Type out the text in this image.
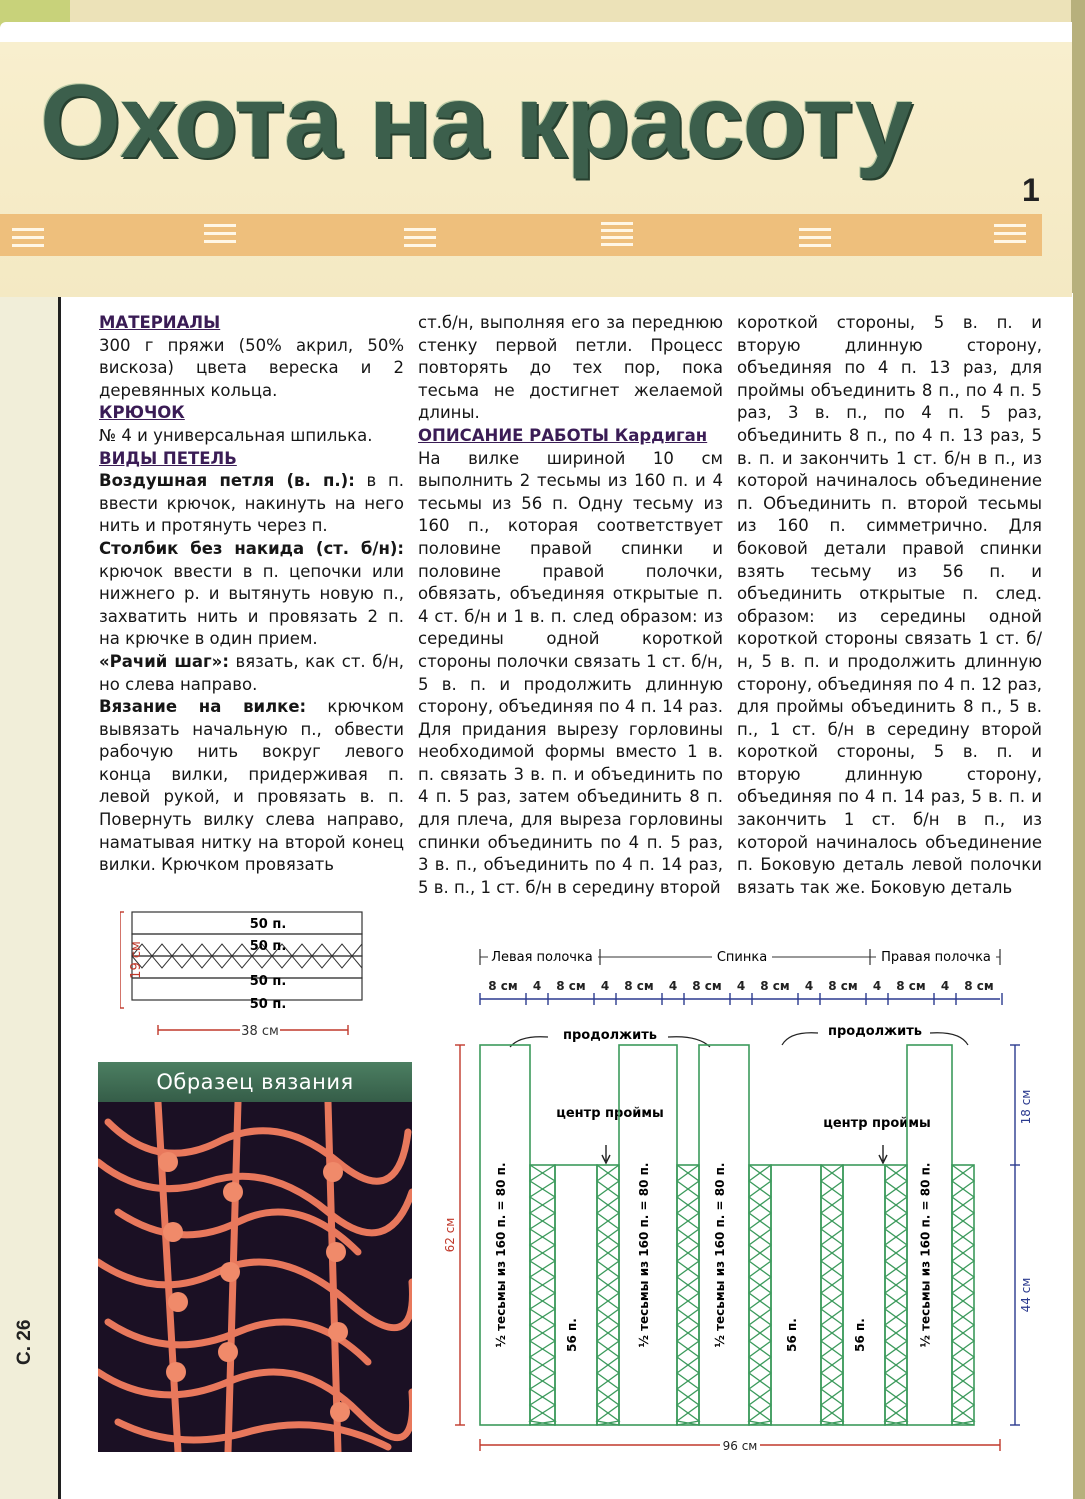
Охота на красоту
1

МАТЕРИАЛЫ

300 г пряжи (50% акрил, 50% вискоза) цвета вереска и 2 деревянных кольца.

КРЮЧОК

№ 4 и универсальная шпилька.

ВИДЫ ПЕТЕЛЬ

Воздушная петля (в. п.): в п. ввести крючок, накинуть на него нить и протянуть через п.

Столбик без накида (ст. б/н): крючок ввести в п. цепочки или нижнего р. и вытянуть новую п., захватить нить и провязать 2 п. на крючке в один прием.

«Рачий шаг»: вязать, как ст. б/н, но слева направо.

Вязание на вилке: крючком вывязать начальную п., обвести рабочую нить вокруг левого конца вилки, придерживая п. левой рукой, и провязать в. п. Повернуть вилку слева направо, наматывая нитку на второй конец вилки. Крючком провязать

ст.б/н, выполняя его за переднюю стенку первой петли. Процесс повторять до тех пор, пока тесьма не достигнет желаемой длины.

ОПИСАНИЕ РАБОТЫ Кардиган

На вилке шириной 10 см выполнить 2 тесьмы из 160 п. и 4 тесьмы из 56 п. Одну тесьму из 160 п., которая соответствует половине правой спинки и половине правой полочки, обвязать, объединяя открытые п. 4 ст. б/н и 1 в. п. след образом: из середины одной короткой стороны полочки связать 1 ст. б/н, 5 в. п. и продолжить длинную сторону, объединяя по 4 п. 14 раз. Для придания вырезу горловины необходимой формы вместо 1 в. п. связать 3 в. п. и объединить по 4 п. 5 раз, затем объединить 8 п. для плеча, для выреза горловины спинки объединить по 4 п. 5 раз, 3 в. п., объединить по 4 п. 14 раз, 5 в. п., 1 ст. б/н в середину второй

короткой стороны, 5 в. п. и вторую длинную сторону, объединяя по 4 п. 13 раз, для проймы объединить 8 п., по 4 п. 5 раз, 3 в. п., по 4 п. 5 раз, объединить 8 п., по 4 п. 13 раз, 5 в. п. и закончить 1 ст. б/н в п., из которой начиналось объединение п. Объединить п. второй тесьмы из 160 п. симметрично. Для боковой детали правой спинки взять тесьму из 56 п. и объединить открытые п. след. образом: из середины одной короткой стороны связать 1 ст. б/н, 5 в. п. и продолжить длинную сторону, объединяя по 4 п. 12 раз, для проймы объединить 8 п., 5 в. п., 1 ст. б/н в середину второй короткой стороны, 5 в. п. и вторую длинную сторону, объединяя по 4 п. 14 раз, 5 в. п. и закончить 1 ст. б/н в п., из которой начиналось объединение п. Боковую деталь левой полочки вязать так же. Боковую деталь

50 п.
50 п.
50 п.
50 п.
19 см
38 см
Образец вязания
Левая полочка	Спинка	Правая полочка
8 см 4 8 см 4 8 см 4 8 см 4 8 см 4 8 см 4 8 см 4 8 см
продолжить	продолжить
центр проймы
центр проймы
½ тесьмы из 160 п. = 80 п.	56 п.	½ тесьмы из 160 п. = 80 п.	½ тесьмы из 160 п. = 80 п.	56 п.	56 п.	½ тесьмы из 160 п. = 80 п.
62 см
18 см
44 см
96 см
С. 26
